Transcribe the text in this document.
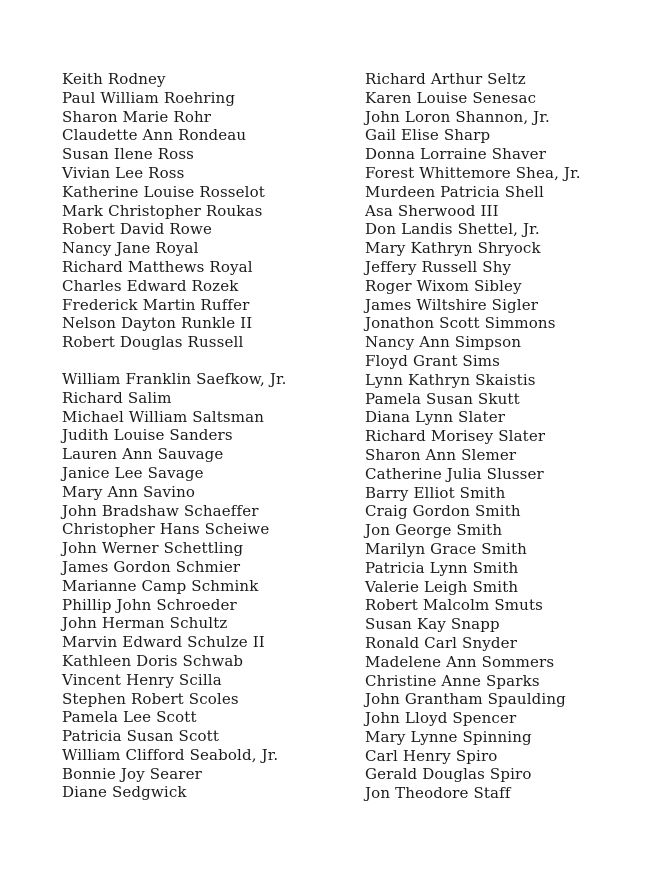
Keith Rodney
Paul William Roehring
Sharon Marie Rohr
Claudette Ann Rondeau
Susan Ilene Ross
Vivian Lee Ross
Katherine Louise Rosselot
Mark Christopher Roukas
Robert David Rowe
Nancy Jane Royal
Richard Matthews Royal
Charles Edward Rozek
Frederick Martin Ruffer
Nelson Dayton Runkle II
Robert Douglas Russell
William Franklin Saefkow, Jr.
Richard Salim
Michael William Saltsman
Judith Louise Sanders
Lauren Ann Sauvage
Janice Lee Savage
Mary Ann Savino
John Bradshaw Schaeffer
Christopher Hans Scheiwe
John Werner Schettling
James Gordon Schmier
Marianne Camp Schmink
Phillip John Schroeder
John Herman Schultz
Marvin Edward Schulze II
Kathleen Doris Schwab
Vincent Henry Scilla
Stephen Robert Scoles
Pamela Lee Scott
Patricia Susan Scott
William Clifford Seabold, Jr.
Bonnie Joy Searer
Diane Sedgwick
Richard Arthur Seltz
Karen Louise Senesac
John Loron Shannon, Jr.
Gail Elise Sharp
Donna Lorraine Shaver
Forest Whittemore Shea, Jr.
Murdeen Patricia Shell
Asa Sherwood III
Don Landis Shettel, Jr.
Mary Kathryn Shryock
Jeffery Russell Shy
Roger Wixom Sibley
James Wiltshire Sigler
Jonathon Scott Simmons
Nancy Ann Simpson
Floyd Grant Sims
Lynn Kathryn Skaistis
Pamela Susan Skutt
Diana Lynn Slater
Richard Morisey Slater
Sharon Ann Slemer
Catherine Julia Slusser
Barry Elliot Smith
Craig Gordon Smith
Jon George Smith
Marilyn Grace Smith
Patricia Lynn Smith
Valerie Leigh Smith
Robert Malcolm Smuts
Susan Kay Snapp
Ronald Carl Snyder
Madelene Ann Sommers
Christine Anne Sparks
John Grantham Spaulding
John Lloyd Spencer
Mary Lynne Spinning
Carl Henry Spiro
Gerald Douglas Spiro
Jon Theodore Staff
